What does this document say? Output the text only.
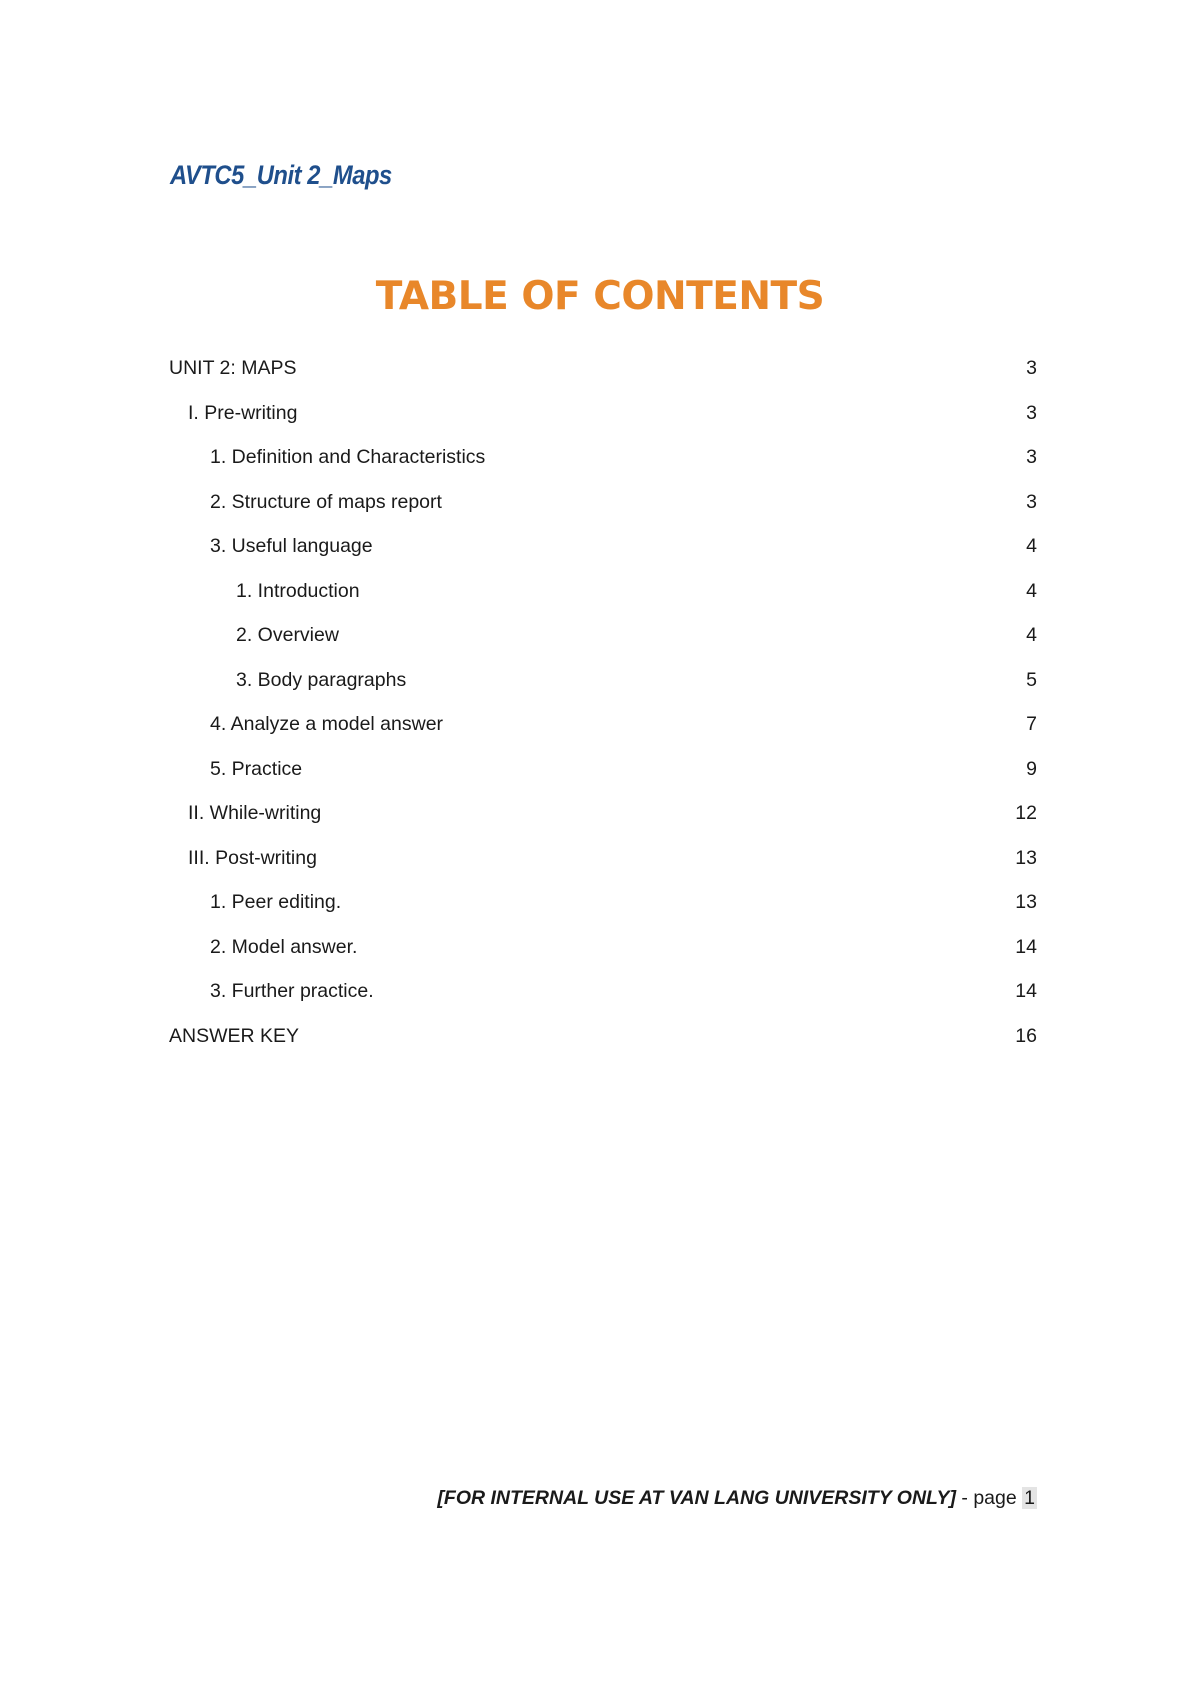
AVTC5_Unit 2_Maps
TABLE OF CONTENTS
UNIT 2: MAPS	3
I. Pre-writing	3
1. Definition and Characteristics	3
2. Structure of maps report	3
3. Useful language	4
1. Introduction	4
2. Overview	4
3. Body paragraphs	5
4. Analyze a model answer	7
5. Practice	9
II. While-writing	12
III. Post-writing	13
1. Peer editing.	13
2. Model answer.	14
3. Further practice.	14
ANSWER KEY	16
[FOR INTERNAL USE AT VAN LANG UNIVERSITY ONLY] - page 1
